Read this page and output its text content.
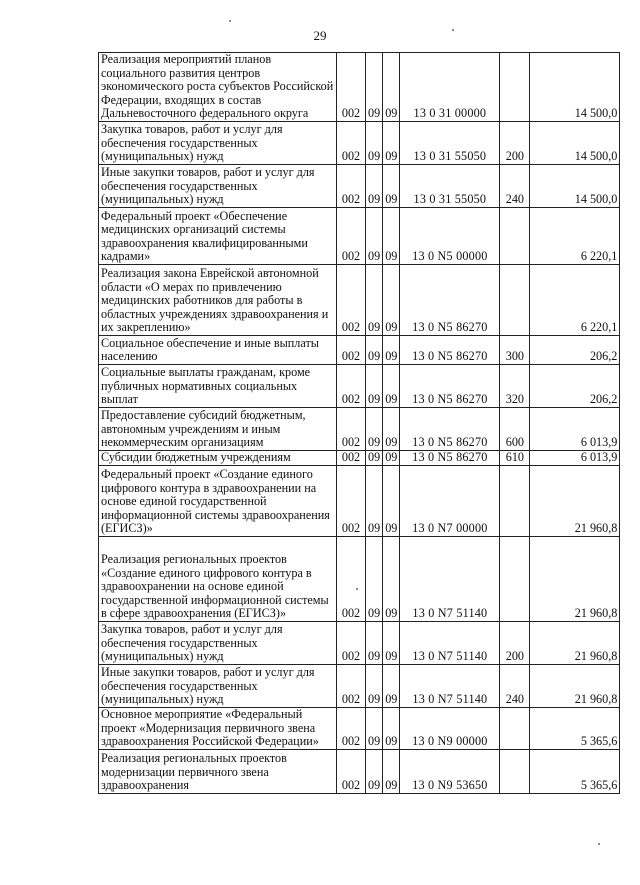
29
Реализация мероприятий планов социального развития центров экономического роста субъектов Российской Федерации, входящих в состав Дальневосточного федерального округа	002	09	09	13 0 31 00000		14 500,0
Закупка товаров, работ и услуг для обеспечения государственных (муниципальных) нужд	002	09	09	13 0 31 55050	200	14 500,0
Иные закупки товаров, работ и услуг для обеспечения государственных (муниципальных) нужд	002	09	09	13 0 31 55050	240	14 500,0
Федеральный проект «Обеспечение медицинских организаций системы здравоохранения квалифицированными кадрами»	002	09	09	13 0 N5 00000		6 220,1
Реализация закона Еврейской автономной области «О мерах по привлечению медицинских работников для работы в областных учреждениях здравоохранения и их закреплению»	002	09	09	13 0 N5 86270		6 220,1
Социальное обеспечение и иные выплаты населению	002	09	09	13 0 N5 86270	300	206,2
Социальные выплаты гражданам, кроме публичных нормативных социальных выплат	002	09	09	13 0 N5 86270	320	206,2
Предоставление субсидий бюджетным, автономным учреждениям и иным некоммерческим организациям	002	09	09	13 0 N5 86270	600	6 013,9
Субсидии бюджетным учреждениям	002	09	09	13 0 N5 86270	610	6 013,9
Федеральный проект «Создание единого цифрового контура в здравоохранении на основе единой государственной информационной системы здравоохранения (ЕГИСЗ)»	002	09	09	13 0 N7 00000		21 960,8
Реализация региональных проектов «Создание единого цифрового контура в здравоохранении на основе единой государственной информационной системы в сфере здравоохранения (ЕГИСЗ)»	002	09	09	13 0 N7 51140		21 960,8
Закупка товаров, работ и услуг для обеспечения государственных (муниципальных) нужд	002	09	09	13 0 N7 51140	200	21 960,8
Иные закупки товаров, работ и услуг для обеспечения государственных (муниципальных) нужд	002	09	09	13 0 N7 51140	240	21 960,8
Основное мероприятие «Федеральный проект «Модернизация первичного звена здравоохранения Российской Федерации»	002	09	09	13 0 N9 00000		5 365,6
Реализация региональных проектов модернизации первичного звена здравоохранения	002	09	09	13 0 N9 53650		5 365,6
